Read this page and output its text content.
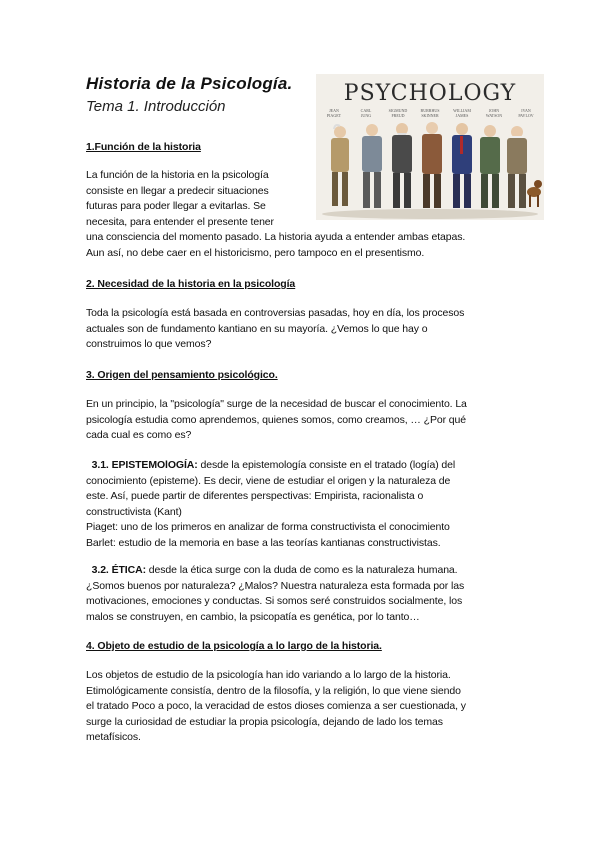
Historia de la Psicología.
Tema 1. Introducción
PSYCHOLOGY
JEAN
PIAGET
CARL
JUNG
SIGMUND
FREUD
BURRHUS
SKINNER
WILLIAM
JAMES
JOHN
WATSON
IVAN
PAVLOV
1.Función de la historia

La función de la historia en la psicología
consiste en llegar a predecir situaciones
futuras para poder llegar a evitarlas. Se
necesita, para entender el presente tener
una consciencia del momento pasado. La historia ayuda a entender ambas etapas.
Aun así, no debe caer en el historicismo, pero tampoco en el presentismo.

2. Necesidad de la historia en la psicología

Toda la psicología está basada en controversias pasadas, hoy en día, los procesos
actuales son de fundamento kantiano en su mayoría. ¿Vemos lo que hay o
construimos lo que vemos?

3. Origen del pensamiento psicológico.

En un principio, la "psicología" surge de la necesidad de buscar el conocimiento. La
psicología estudia como aprendemos, quienes somos, como creamos, … ¿Por qué
cada cual es como es?

3.1. EPISTEMOlOGÍA: desde la epistemología consiste en el tratado (logía) del
conocimiento (episteme). Es decir, viene de estudiar el origen y la naturaleza de
este. Así, puede partir de diferentes perspectivas: Empirista, racionalista o
constructivista (Kant)
Piaget: uno de los primeros en analizar de forma constructivista el conocimiento
Barlet: estudio de la memoria en base a las teorías kantianas constructivistas.

3.2. ÉTICA: desde la ética surge con la duda de como es la naturaleza humana.
¿Somos buenos por naturaleza? ¿Malos? Nuestra naturaleza esta formada por las
motivaciones, emociones y conductas. Si somos seré construidos socialmente, los
malos se construyen, en cambio, la psicopatía es genética, por lo tanto…

4. Objeto de estudio de la psicología a lo largo de la historia.

Los objetos de estudio de la psicología han ido variando a lo largo de la historia.
Etimológicamente consistía, dentro de la filosofía, y la religión, lo que viene siendo
el tratado Poco a poco, la veracidad de estos dioses comienza a ser cuestionada, y
surge la curiosidad de estudiar la propia psicología, dejando de lado los temas
metafísicos.
